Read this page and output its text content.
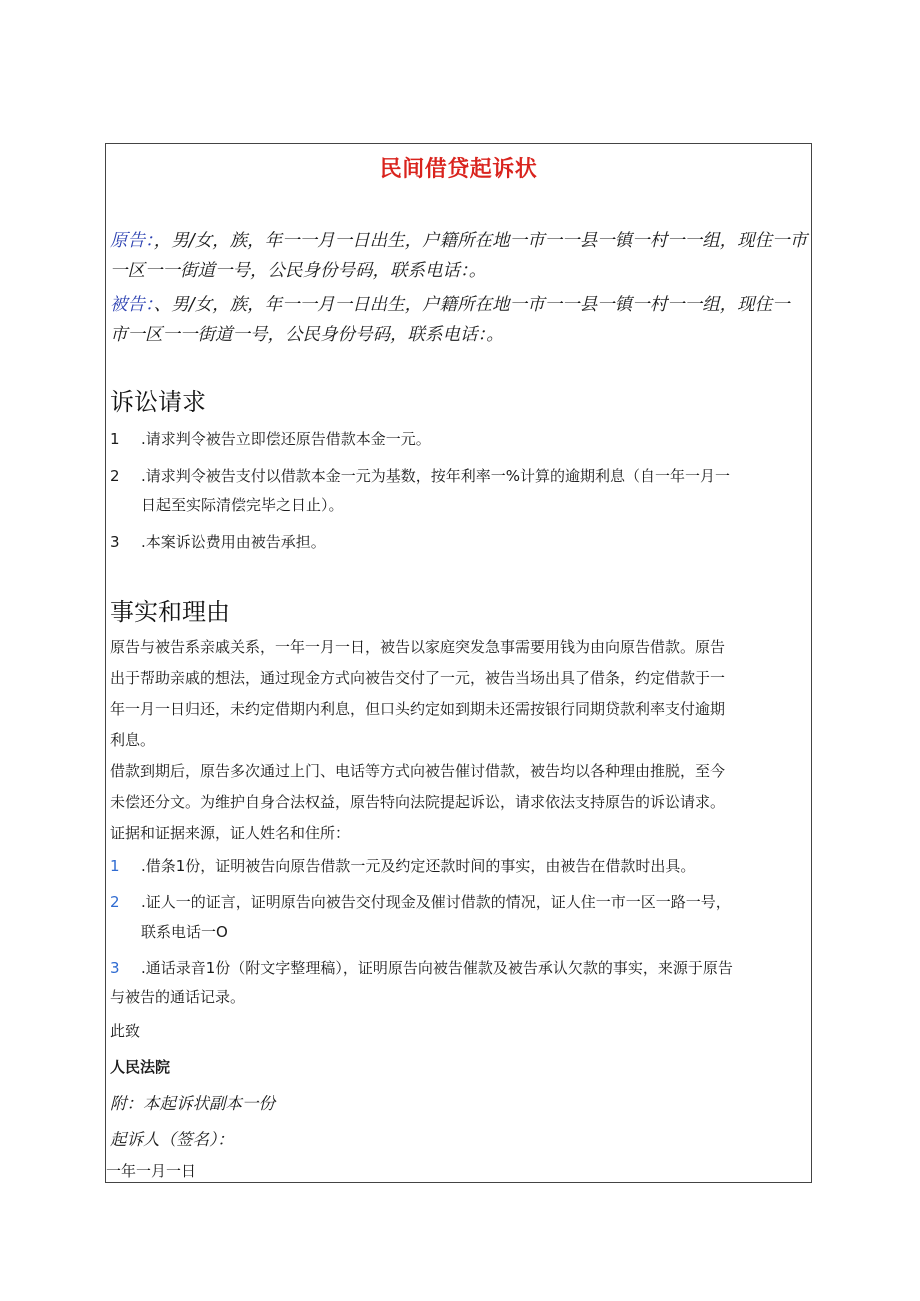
民间借贷起诉状

原告：，男/女，族，年一一月一日出生，户籍所在地一市一一县一镇一村一一组，现住一市

一区一一街道一号，公民身份号码，联系电话：。

被告：、男/女，族，年一一月一日出生，户籍所在地一市一一县一镇一村一一组，现住一

市一区一一街道一号，公民身份号码，联系电话：。

诉讼请求

1 .请求判令被告立即偿还原告借款本金一元。

2 .请求判令被告支付以借款本金一元为基数，按年利率一%计算的逾期利息（自一年一月一

日起至实际清偿完毕之日止）。

3 .本案诉讼费用由被告承担。

事实和理由

原告与被告系亲戚关系，一年一月一日，被告以家庭突发急事需要用钱为由向原告借款。原告

出于帮助亲戚的想法，通过现金方式向被告交付了一元，被告当场出具了借条，约定借款于一

年一月一日归还，未约定借期内利息，但口头约定如到期未还需按银行同期贷款利率支付逾期

利息。

借款到期后，原告多次通过上门、电话等方式向被告催讨借款，被告均以各种理由推脱，至今

未偿还分文。为维护自身合法权益，原告特向法院提起诉讼，请求依法支持原告的诉讼请求。

证据和证据来源，证人姓名和住所：

1 .借条1份，证明被告向原告借款一元及约定还款时间的事实，由被告在借款时出具。

2 .证人一的证言，证明原告向被告交付现金及催讨借款的情况，证人住一市一区一路一号，

联系电话一O

3 .通话录音1份（附文字整理稿），证明原告向被告催款及被告承认欠款的事实，来源于原告

与被告的通话记录。

此致

人民法院

附：本起诉状副本一份

起诉人（签名）：

一年一月一日
